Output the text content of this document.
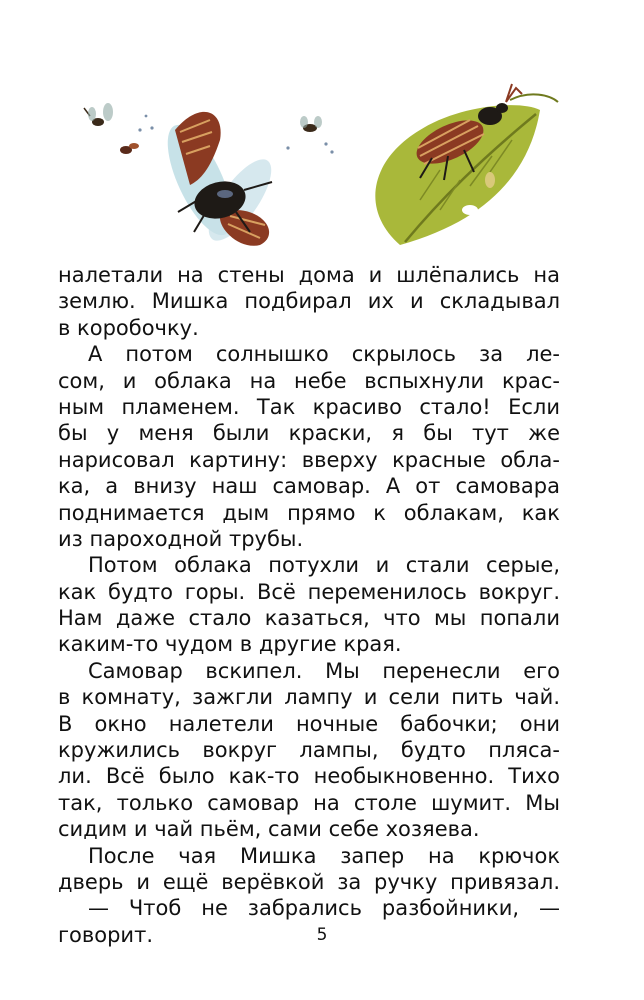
налетали на стены дома и шлёпались на
землю. Мишка подбирал их и складывал
в коробочку.
А потом солнышко скрылось за ле-
сом, и облака на небе вспыхнули крас-
ным пламенем. Так красиво стало! Если
бы у меня были краски, я бы тут же
нарисовал картину: вверху красные обла-
ка, а внизу наш самовар. А от самовара
поднимается дым прямо к облакам, как
из пароходной трубы.
Потом облака потухли и стали серые,
как будто горы. Всё переменилось вокруг.
Нам даже стало казаться, что мы попали
каким-то чудом в другие края.
Самовар вскипел. Мы перенесли его
в комнату, зажгли лампу и сели пить чай.
В окно налетели ночные бабочки; они
кружились вокруг лампы, будто пляса-
ли. Всё было как-то необыкновенно. Тихо
так, только самовар на столе шумит. Мы
сидим и чай пьём, сами себе хозяева.
После чая Мишка запер на крючок
дверь и ещё верёвкой за ручку привязал.
— Чтоб не забрались разбойники, —
говорит.	5
